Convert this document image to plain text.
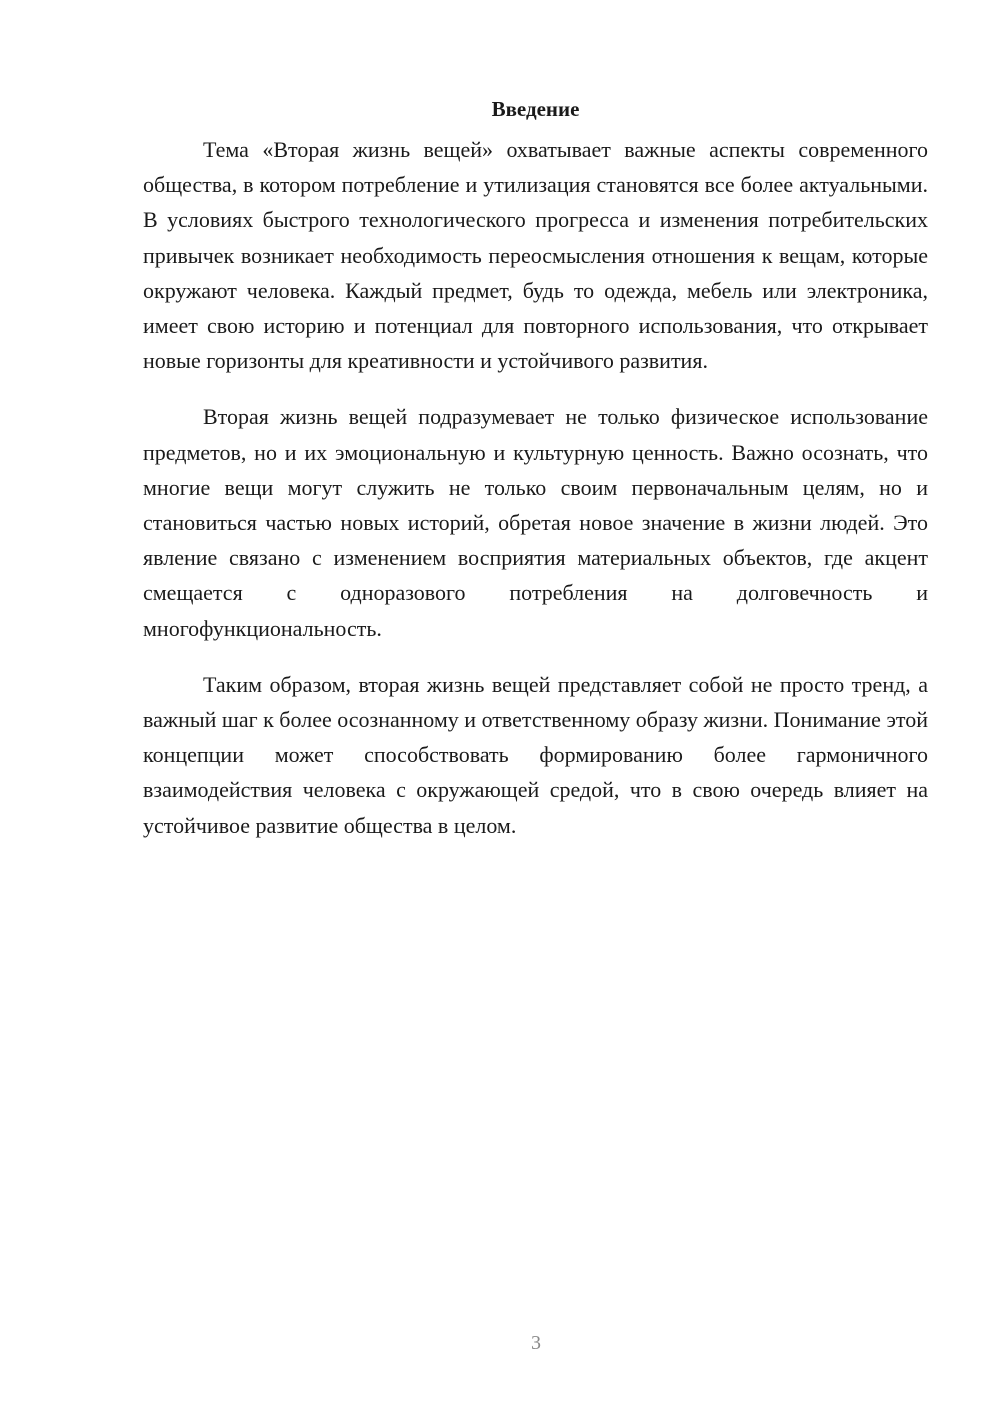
Введение

Тема «Вторая жизнь вещей» охватывает важные аспекты современного общества, в котором потребление и утилизация становятся все более актуальными. В условиях быстрого технологического прогресса и изменения потребительских привычек возникает необходимость переосмысления отношения к вещам, которые окружают человека. Каждый предмет, будь то одежда, мебель или электроника, имеет свою историю и потенциал для повторного использования, что открывает новые горизонты для креативности и устойчивого развития.

Вторая жизнь вещей подразумевает не только физическое использование предметов, но и их эмоциональную и культурную ценность. Важно осознать, что многие вещи могут служить не только своим первоначальным целям, но и становиться частью новых историй, обретая новое значение в жизни людей. Это явление связано с изменением восприятия материальных объектов, где акцент смещается с одноразового потребления на долговечность и многофункциональность.

Таким образом, вторая жизнь вещей представляет собой не просто тренд, а важный шаг к более осознанному и ответственному образу жизни. Понимание этой концепции может способствовать формированию более гармоничного взаимодействия человека с окружающей средой, что в свою очередь влияет на устойчивое развитие общества в целом.

3
